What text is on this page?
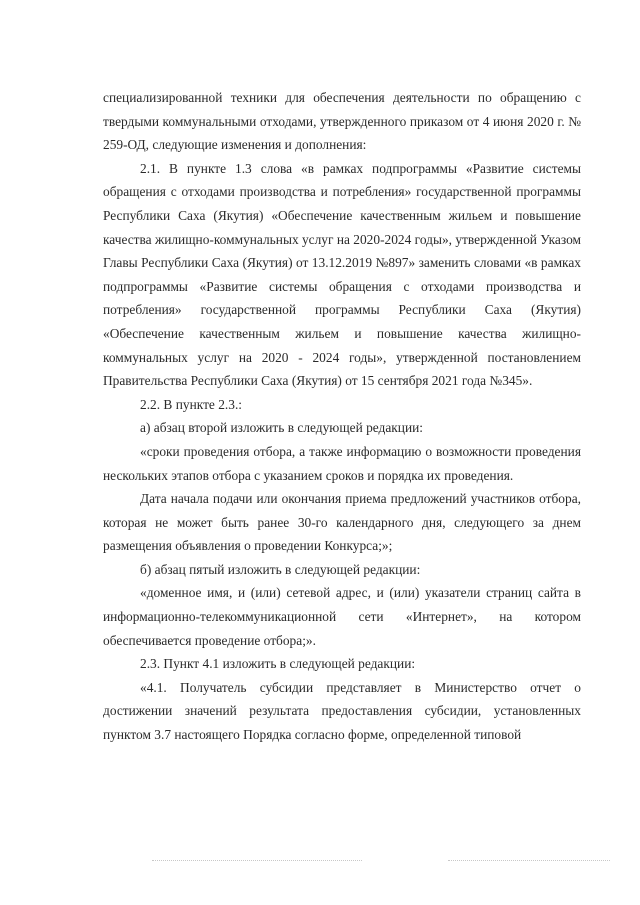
специализированной техники для обеспечения деятельности по обращению с твердыми коммунальными отходами, утвержденного приказом от 4 июня 2020 г. № 259-ОД, следующие изменения и дополнения:

2.1. В пункте 1.3 слова «в рамках подпрограммы «Развитие системы обращения с отходами производства и потребления» государственной программы Республики Саха (Якутия) «Обеспечение качественным жильем и повышение качества жилищно-коммунальных услуг на 2020-2024 годы», утвержденной Указом Главы Республики Саха (Якутия) от 13.12.2019 №897» заменить словами «в рамках подпрограммы «Развитие системы обращения с отходами производства и потребления» государственной программы Республики Саха (Якутия) «Обеспечение качественным жильем и повышение качества жилищно-коммунальных услуг на 2020 - 2024 годы», утвержденной постановлением Правительства Республики Саха (Якутия) от 15 сентября 2021 года №345».

2.2. В пункте 2.3.:

а) абзац второй изложить в следующей редакции:

«сроки проведения отбора, а также информацию о возможности проведения нескольких этапов отбора с указанием сроков и порядка их проведения.

Дата начала подачи или окончания приема предложений участников отбора, которая не может быть ранее 30-го календарного дня, следующего за днем размещения объявления о проведении Конкурса;»;

б) абзац пятый изложить в следующей редакции:

«доменное имя, и (или) сетевой адрес, и (или) указатели страниц сайта в информационно-телекоммуникационной сети «Интернет», на котором обеспечивается проведение отбора;».

2.3. Пункт 4.1 изложить в следующей редакции:

«4.1. Получатель субсидии представляет в Министерство отчет о достижении значений результата предоставления субсидии, установленных пунктом 3.7 настоящего Порядка согласно форме, определенной типовой
